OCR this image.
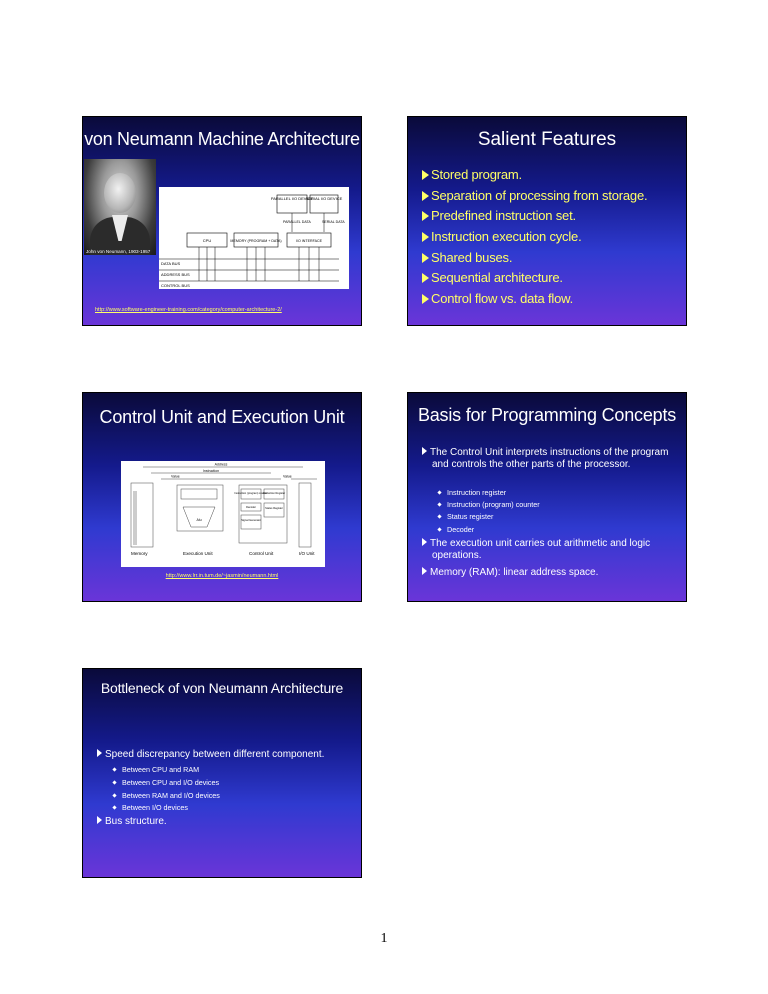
von Neumann Machine Architecture
John von Neumann, 1903-1957
PARALLEL I/O DEVICE
SERIAL I/O DEVICE
PARALLEL DATA	SERIAL DATA
CPU	MEMORY (PROGRAM + DATA)	I/O INTERFACE
DATA BUS
ADDRESS BUS
CONTROL BUS
http://www.software-engineer-training.com/category/computer-architecture-2/
Salient Features
Stored program.
Separation of processing from storage.
Predefined instruction set.
Instruction execution cycle.
Shared buses.
Sequential architecture.
Control flow vs. data flow.
Control Unit and Execution Unit
Address
Instruction
Value	Value
Memory	Execution Unit	Control Unit	I/O Unit
Alu
Instruction (program) counter
Instruction Register
Status Register
Decoder
Signal Generator
http://www.lrr.in.tum.de/~jasmin/neumann.html
Basis for Programming Concepts
The Control Unit interprets instructions of the program and controls the other parts of the processor.
Instruction register
Instruction (program) counter
Status register
Decoder
The execution unit carries out arithmetic and logic operations.
Memory (RAM): linear address space.
Bottleneck of von Neumann Architecture
Speed discrepancy between different component.
Between CPU and RAM
Between CPU and I/O devices
Between RAM and I/O devices
Between I/O devices
Bus structure.
1
